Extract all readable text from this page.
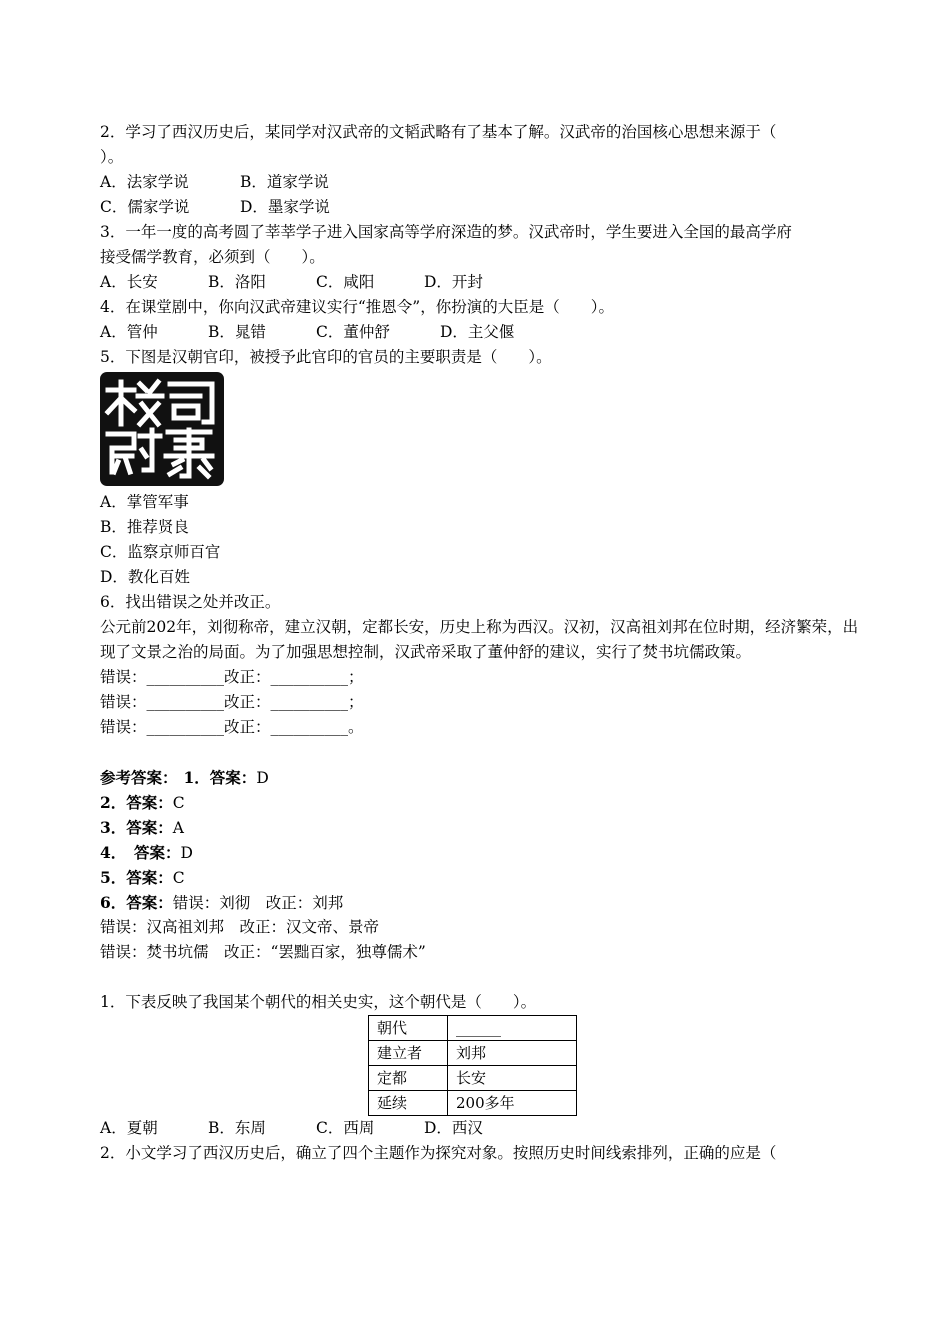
2．学习了西汉历史后，某同学对汉武帝的文韬武略有了基本了解。汉武帝的治国核心思想来源于（
）。
A．法家学说	B．道家学说
C．儒家学说	D．墨家学说
3．一年一度的高考圆了莘莘学子进入国家高等学府深造的梦。汉武帝时，学生要进入全国的最高学府
接受儒学教育，必须到（　　）。
A．长安	B．洛阳	C．咸阳	D．开封
4．在课堂剧中，你向汉武帝建议实行“推恩令”，你扮演的大臣是（　　）。
A．管仲	B．晁错	C．董仲舒	D．主父偃
5．下图是汉朝官印，被授予此官印的官员的主要职责是（　　）。
A．掌管军事
B．推荐贤良
C．监察京师百官
D．教化百姓
6．找出错误之处并改正。
公元前202年，刘彻称帝，建立汉朝，定都长安，历史上称为西汉。汉初，汉高祖刘邦在位时期，经济繁荣，出现了文景之治的局面。为了加强思想控制，汉武帝采取了董仲舒的建议，实行了焚书坑儒政策。
错误：__________改正：__________；
错误：__________改正：__________；
错误：__________改正：__________。
参考答案： 1．答案：D
2．答案：C
3．答案：A
4．　答案：D
5．答案：C
6．答案：错误：刘彻　改正：刘邦
错误：汉高祖刘邦　改正：汉文帝、景帝
错误：焚书坑儒　改正：“罢黜百家，独尊儒术”
1．下表反映了我国某个朝代的相关史实，这个朝代是（　　）。
朝代	______
建立者	刘邦
定都	长安
延续	200多年
A．夏朝	B．东周	C．西周	D．西汉
2．小文学习了西汉历史后，确立了四个主题作为探究对象。按照历史时间线索排列，正确的应是（
